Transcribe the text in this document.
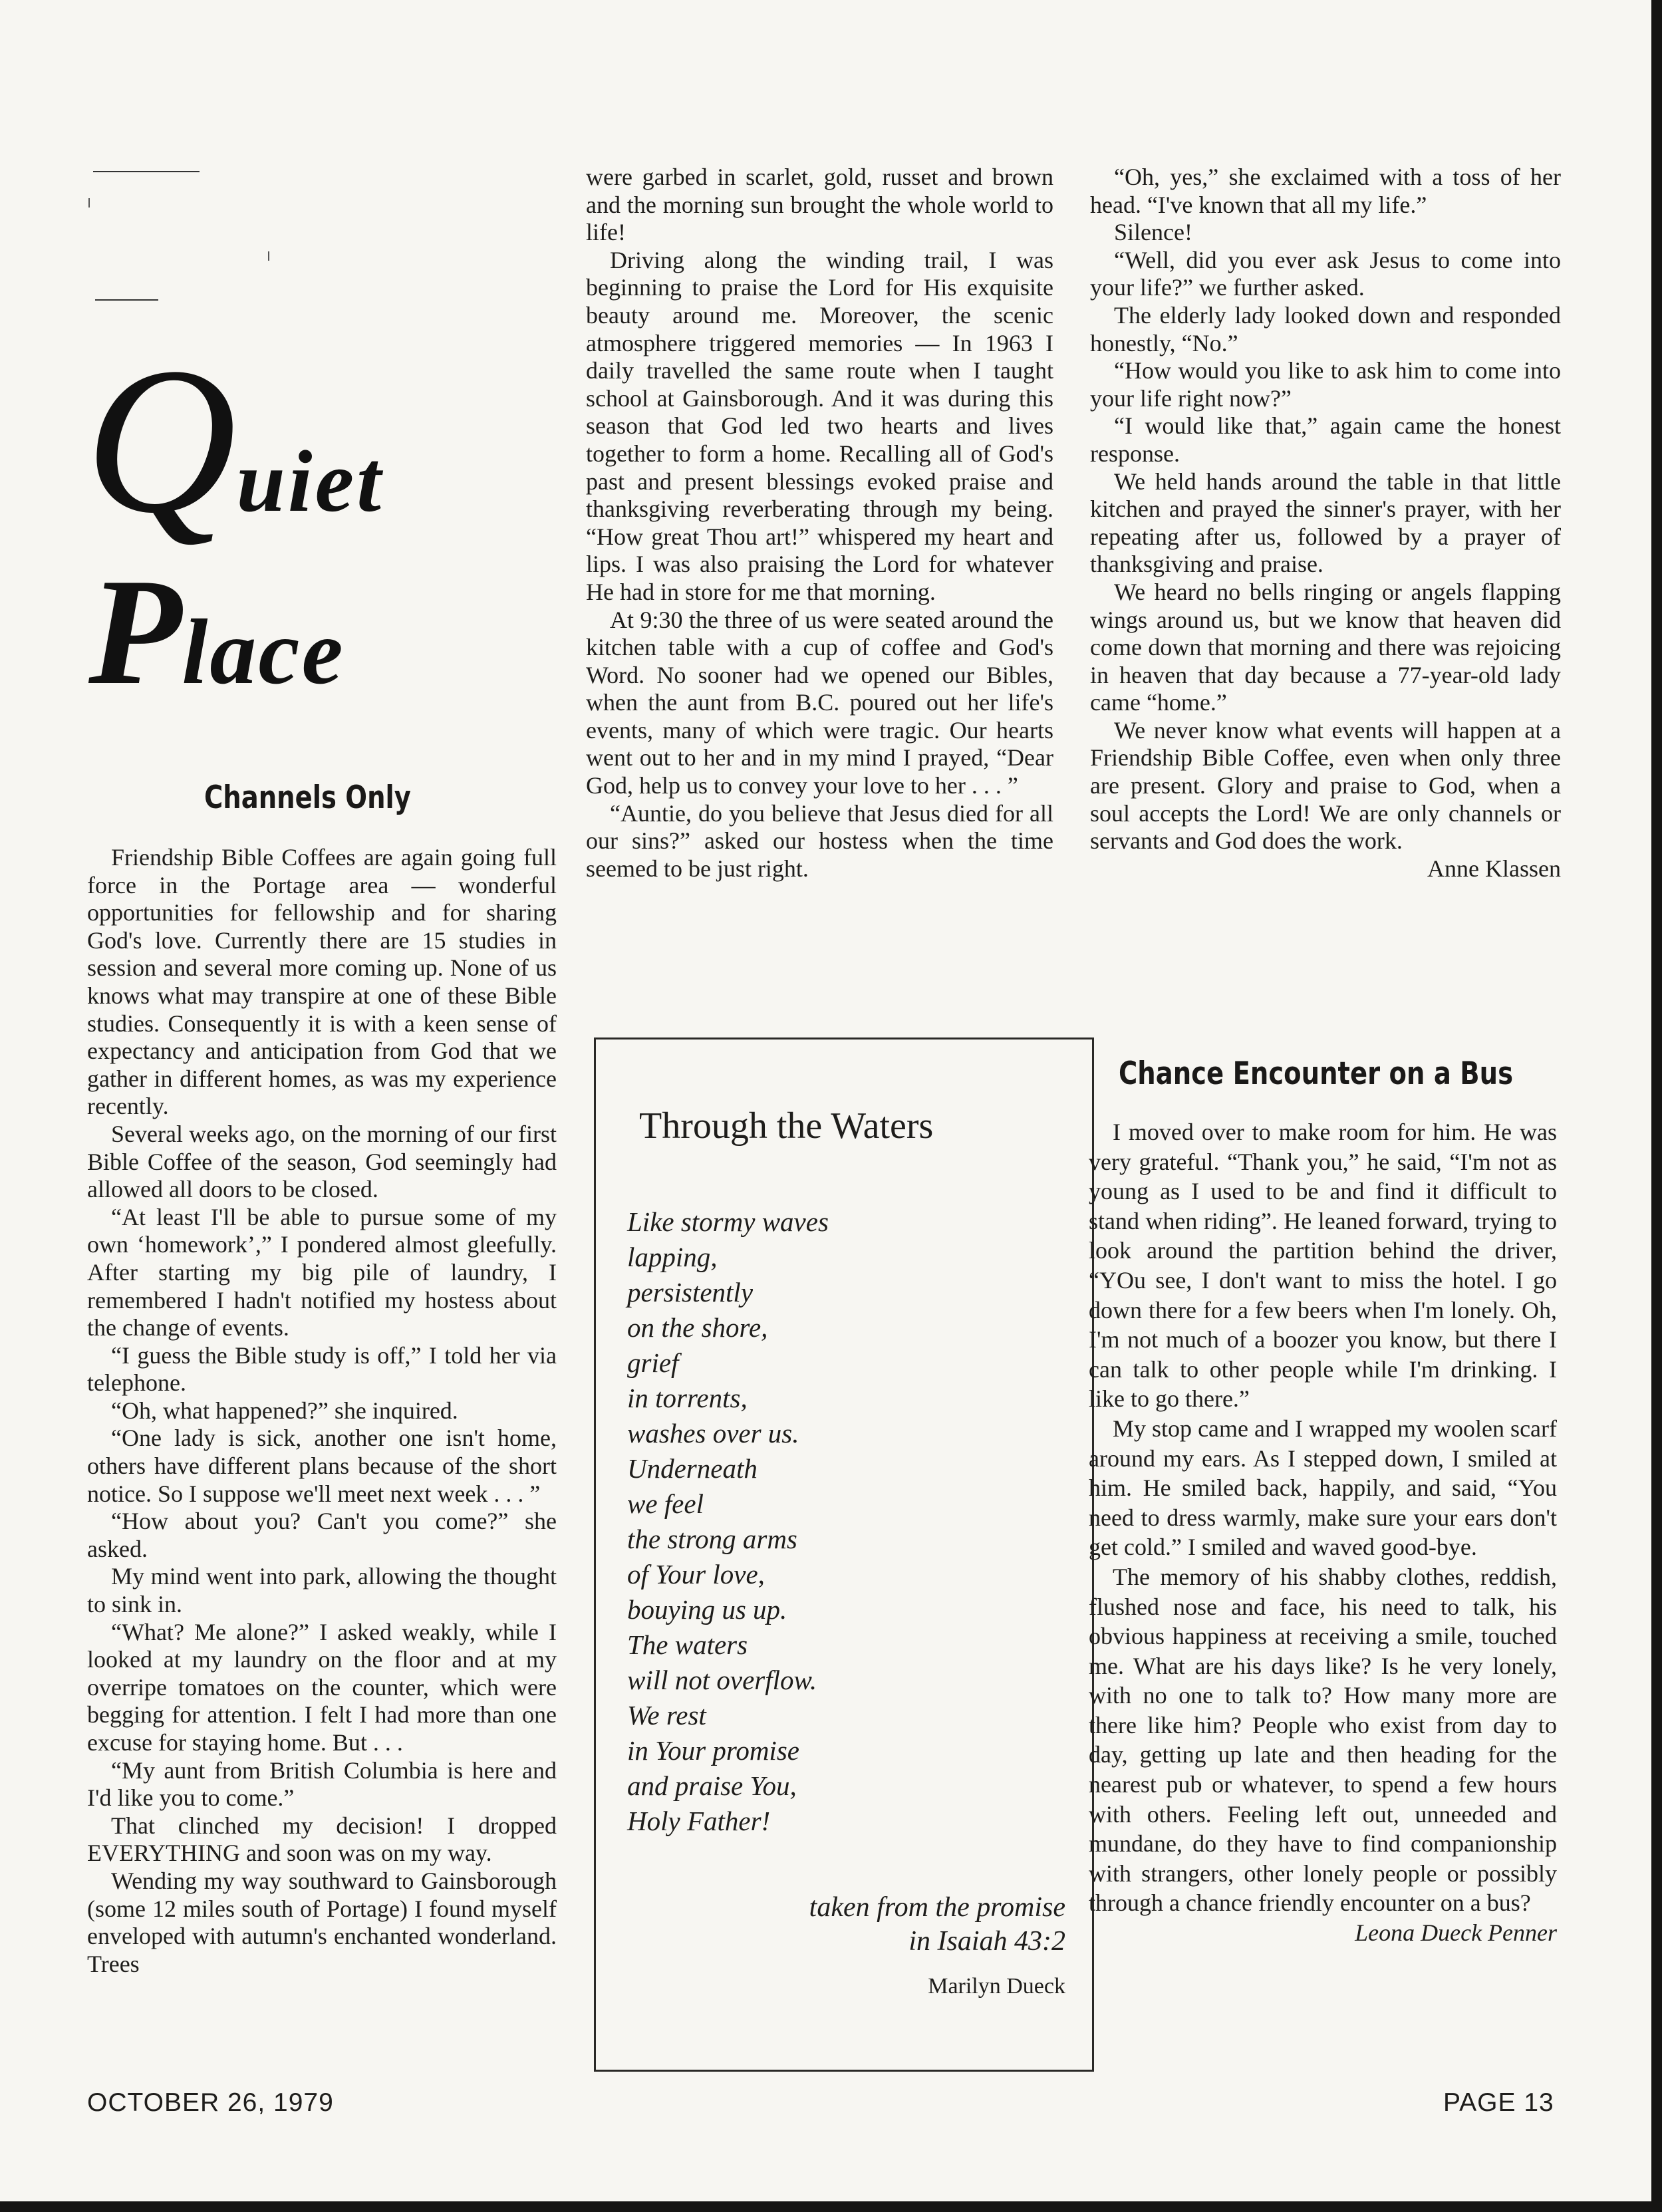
Quiet
Place
Channels Only

Friendship Bible Coffees are again going full force in the Portage area — wonderful opportunities for fellowship and for sharing God's love. Currently there are 15 studies in session and several more coming up. None of us knows what may transpire at one of these Bible studies. Consequently it is with a keen sense of expectancy and anticipation from God that we gather in different homes, as was my experience recently.

Several weeks ago, on the morning of our first Bible Coffee of the season, God seemingly had allowed all doors to be closed.

“At least I'll be able to pursue some of my own ‘homework’,” I pondered almost gleefully. After starting my big pile of laundry, I remembered I hadn't notified my hostess about the change of events.

“I guess the Bible study is off,” I told her via telephone.

“Oh, what happened?” she inquired.

“One lady is sick, another one isn't home, others have different plans because of the short notice. So I suppose we'll meet next week . . . ”

“How about you? Can't you come?” she asked.

My mind went into park, allowing the thought to sink in.

“What? Me alone?” I asked weakly, while I looked at my laundry on the floor and at my overripe tomatoes on the counter, which were begging for attention. I felt I had more than one excuse for staying home. But . . .

“My aunt from British Columbia is here and I'd like you to come.”

That clinched my decision! I dropped EVERYTHING and soon was on my way.

Wending my way southward to Gainsborough (some 12 miles south of Portage) I found myself enveloped with autumn's enchanted wonderland. Trees

were garbed in scarlet, gold, russet and brown and the morning sun brought the whole world to life!

Driving along the winding trail, I was beginning to praise the Lord for His exquisite beauty around me. Moreover, the scenic atmosphere triggered memories — In 1963 I daily travelled the same route when I taught school at Gainsborough. And it was during this season that God led two hearts and lives together to form a home. Recalling all of God's past and present blessings evoked praise and thanksgiving reverberating through my being. “How great Thou art!” whispered my heart and lips. I was also praising the Lord for whatever He had in store for me that morning.

At 9:30 the three of us were seated around the kitchen table with a cup of coffee and God's Word. No sooner had we opened our Bibles, when the aunt from B.C. poured out her life's events, many of which were tragic. Our hearts went out to her and in my mind I prayed, “Dear God, help us to convey your love to her . . . ”

“Auntie, do you believe that Jesus died for all our sins?” asked our hostess when the time seemed to be just right.

“Oh, yes,” she exclaimed with a toss of her head. “I've known that all my life.”

Silence!

“Well, did you ever ask Jesus to come into your life?” we further asked.

The elderly lady looked down and responded honestly, “No.”

“How would you like to ask him to come into your life right now?”

“I would like that,” again came the honest response.

We held hands around the table in that little kitchen and prayed the sinner's prayer, with her repeating after us, followed by a prayer of thanksgiving and praise.

We heard no bells ringing or angels flapping wings around us, but we know that heaven did come down that morning and there was rejoicing in heaven that day because a 77-year-old lady came “home.”

We never know what events will happen at a Friendship Bible Coffee, even when only three are present. Glory and praise to God, when a soul accepts the Lord! We are only channels or servants and God does the work.

Anne Klassen

Through the Waters
Like stormy waves
lapping,
persistently
on the shore,
grief
in torrents,
washes over us.
Underneath
we feel
the strong arms
of Your love,
bouying us up.
The waters
will not overflow.
We rest
in Your promise
and praise You,
Holy Father!
taken from the promise
in Isaiah 43:2
Marilyn Dueck
Chance Encounter on a Bus

I moved over to make room for him. He was very grateful. “Thank you,” he said, “I'm not as young as I used to be and find it difficult to stand when riding”. He leaned forward, trying to look around the partition behind the driver, “YOu see, I don't want to miss the hotel. I go down there for a few beers when I'm lonely. Oh, I'm not much of a boozer you know, but there I can talk to other people while I'm drinking. I like to go there.”

My stop came and I wrapped my woolen scarf around my ears. As I stepped down, I smiled at him. He smiled back, happily, and said, “You need to dress warmly, make sure your ears don't get cold.” I smiled and waved good-bye.

The memory of his shabby clothes, reddish, flushed nose and face, his need to talk, his obvious happiness at receiving a smile, touched me. What are his days like? Is he very lonely, with no one to talk to? How many more are there like him? People who exist from day to day, getting up late and then heading for the nearest pub or whatever, to spend a few hours with others. Feeling left out, unneeded and mundane, do they have to find companionship with strangers, other lonely people or possibly through a chance friendly encounter on a bus?

Leona Dueck Penner

OCTOBER 26, 1979	PAGE 13
